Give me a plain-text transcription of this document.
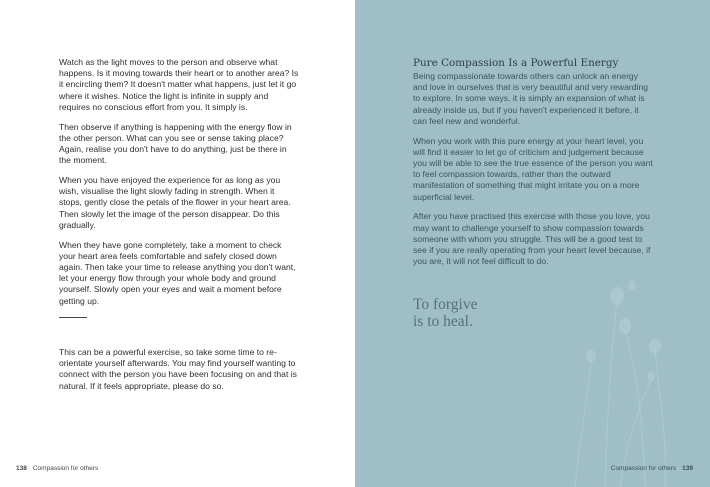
Watch as the light moves to the person and observe what happens. Is it moving towards their heart or to another area? Is it encircling them? It doesn't matter what happens, just let it go where it wishes. Notice the light is infinite in supply and requires no conscious effort from you. It simply is.

Then observe if anything is happening with the energy flow in the other person. What can you see or sense taking place? Again, realise you don't have to do anything, just be there in the moment.

When you have enjoyed the experience for as long as you wish, visualise the light slowly fading in strength. When it stops, gently close the petals of the flower in your heart area. Then slowly let the image of the person disappear. Do this gradually.

When they have gone completely, take a moment to check your heart area feels comfortable and safely closed down again. Then take your time to release anything you don't want, let your energy flow through your whole body and ground yourself. Slowly open your eyes and wait a moment before getting up.

This can be a powerful exercise, so take some time to re-orientate yourself afterwards. You may find yourself wanting to connect with the person you have been focusing on and that is natural. If it feels appropriate, please do so.

138 Compassion for others
Pure Compassion Is a Powerful Energy

Being compassionate towards others can unlock an energy and love in ourselves that is very beautiful and very rewarding to explore. In some ways, it is simply an expansion of what is already inside us, but if you haven't experienced it before, it can feel new and wonderful.

When you work with this pure energy at your heart level, you will find it easier to let go of criticism and judgement because you will be able to see the true essence of the person you want to feel compassion towards, rather than the outward manifestation of something that might irritate you on a more superficial level.

After you have practised this exercise with those you love, you may want to challenge yourself to show compassion towards someone with whom you struggle. This will be a good test to see if you are really operating from your heart level because, if you are, it will not feel difficult to do.

To forgive
is to heal.
Compassion for others 139
